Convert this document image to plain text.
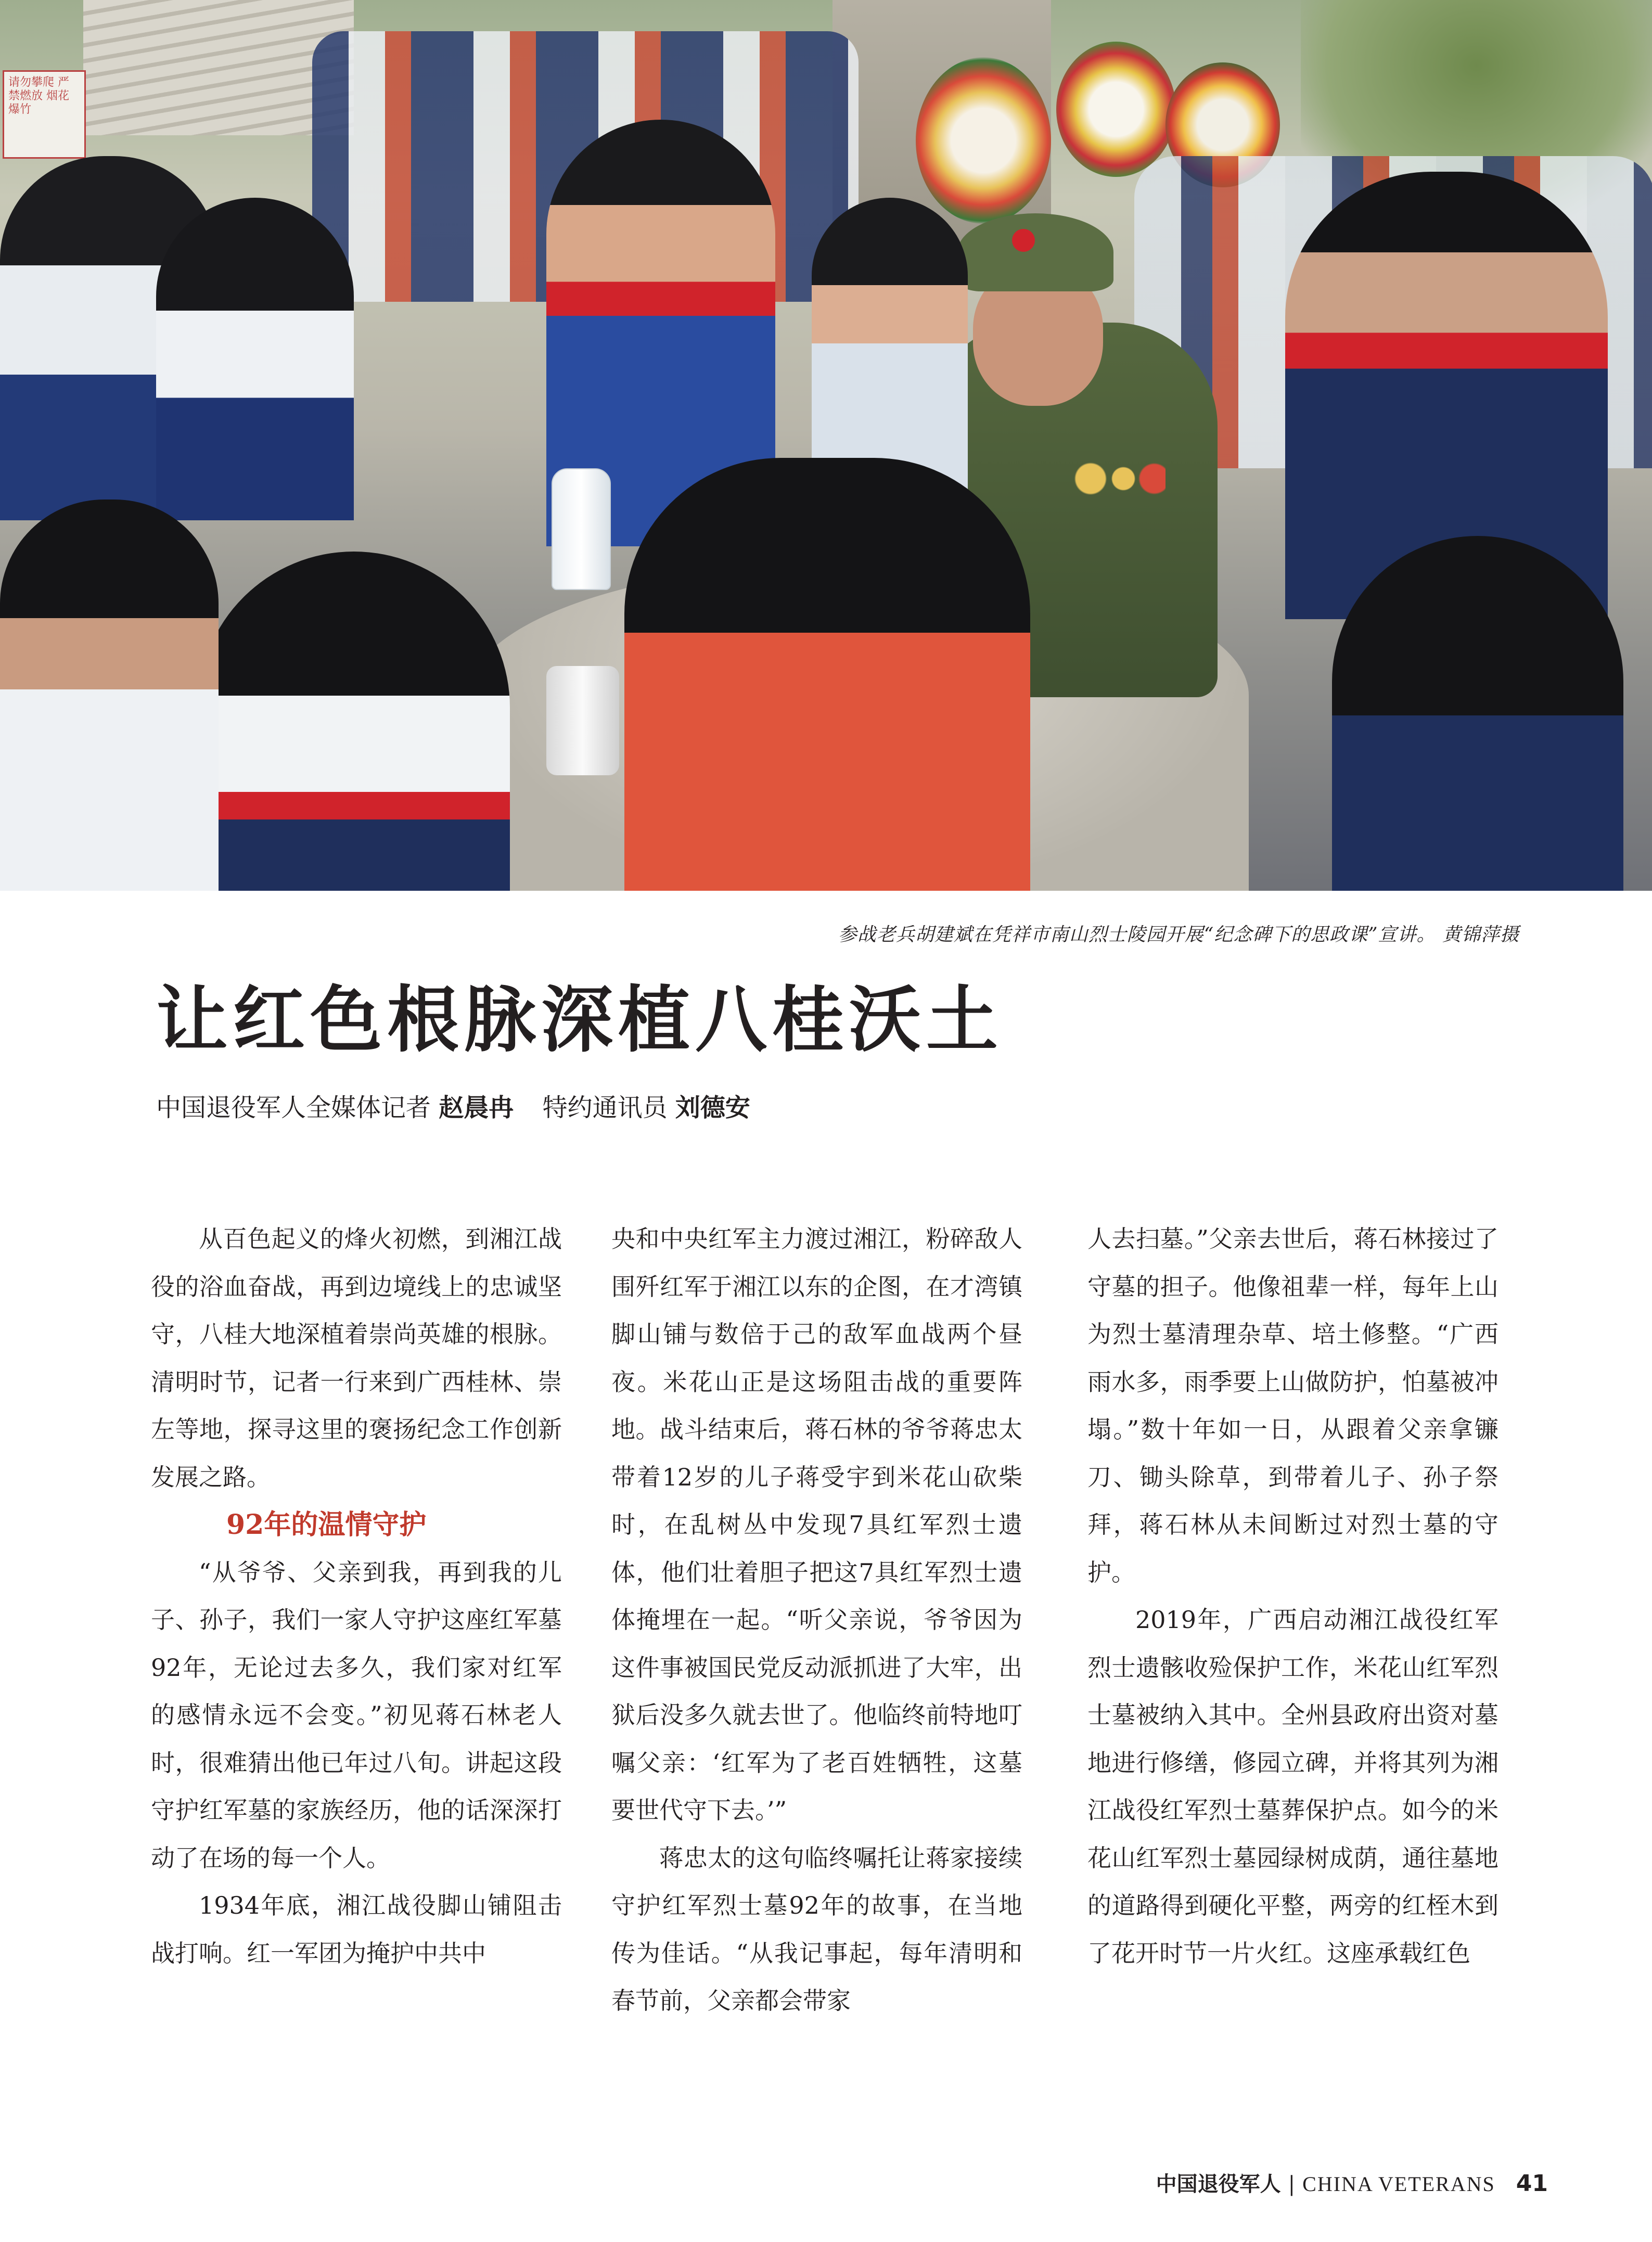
请勿攀爬 严禁燃放 烟花爆竹

参战老兵胡建斌在凭祥市南山烈士陵园开展“纪念碑下的思政课”宣讲。 黄锦萍摄

让红色根脉深植八桂沃土
中国退役军人全媒体记者 赵晨冉 特约通讯员 刘德安

从百色起义的烽火初燃，到湘江战役的浴血奋战，再到边境线上的忠诚坚守，八桂大地深植着崇尚英雄的根脉。清明时节，记者一行来到广西桂林、崇左等地，探寻这里的褒扬纪念工作创新发展之路。

92年的温情守护

“从爷爷、父亲到我，再到我的儿子、孙子，我们一家人守护这座红军墓92年，无论过去多久，我们家对红军的感情永远不会变。”初见蒋石林老人时，很难猜出他已年过八旬。讲起这段守护红军墓的家族经历，他的话深深打动了在场的每一个人。

1934年底，湘江战役脚山铺阻击战打响。红一军团为掩护中共中

央和中央红军主力渡过湘江，粉碎敌人围歼红军于湘江以东的企图，在才湾镇脚山铺与数倍于己的敌军血战两个昼夜。米花山正是这场阻击战的重要阵地。战斗结束后，蒋石林的爷爷蒋忠太带着12岁的儿子蒋受宇到米花山砍柴时，在乱树丛中发现7具红军烈士遗体，他们壮着胆子把这7具红军烈士遗体掩埋在一起。“听父亲说，爷爷因为这件事被国民党反动派抓进了大牢，出狱后没多久就去世了。他临终前特地叮嘱父亲：‘红军为了老百姓牺牲，这墓要世代守下去。’”

蒋忠太的这句临终嘱托让蒋家接续守护红军烈士墓92年的故事，在当地传为佳话。“从我记事起，每年清明和春节前，父亲都会带家

人去扫墓。”父亲去世后，蒋石林接过了守墓的担子。他像祖辈一样，每年上山为烈士墓清理杂草、培土修整。“广西雨水多，雨季要上山做防护，怕墓被冲塌。”数十年如一日，从跟着父亲拿镰刀、锄头除草，到带着儿子、孙子祭拜，蒋石林从未间断过对烈士墓的守护。

2019年，广西启动湘江战役红军烈士遗骸收殓保护工作，米花山红军烈士墓被纳入其中。全州县政府出资对墓地进行修缮，修园立碑，并将其列为湘江战役红军烈士墓葬保护点。如今的米花山红军烈士墓园绿树成荫，通往墓地的道路得到硬化平整，两旁的红桎木到了花开时节一片火红。这座承载红色

中国退役军人 | CHINA VETERANS 41
